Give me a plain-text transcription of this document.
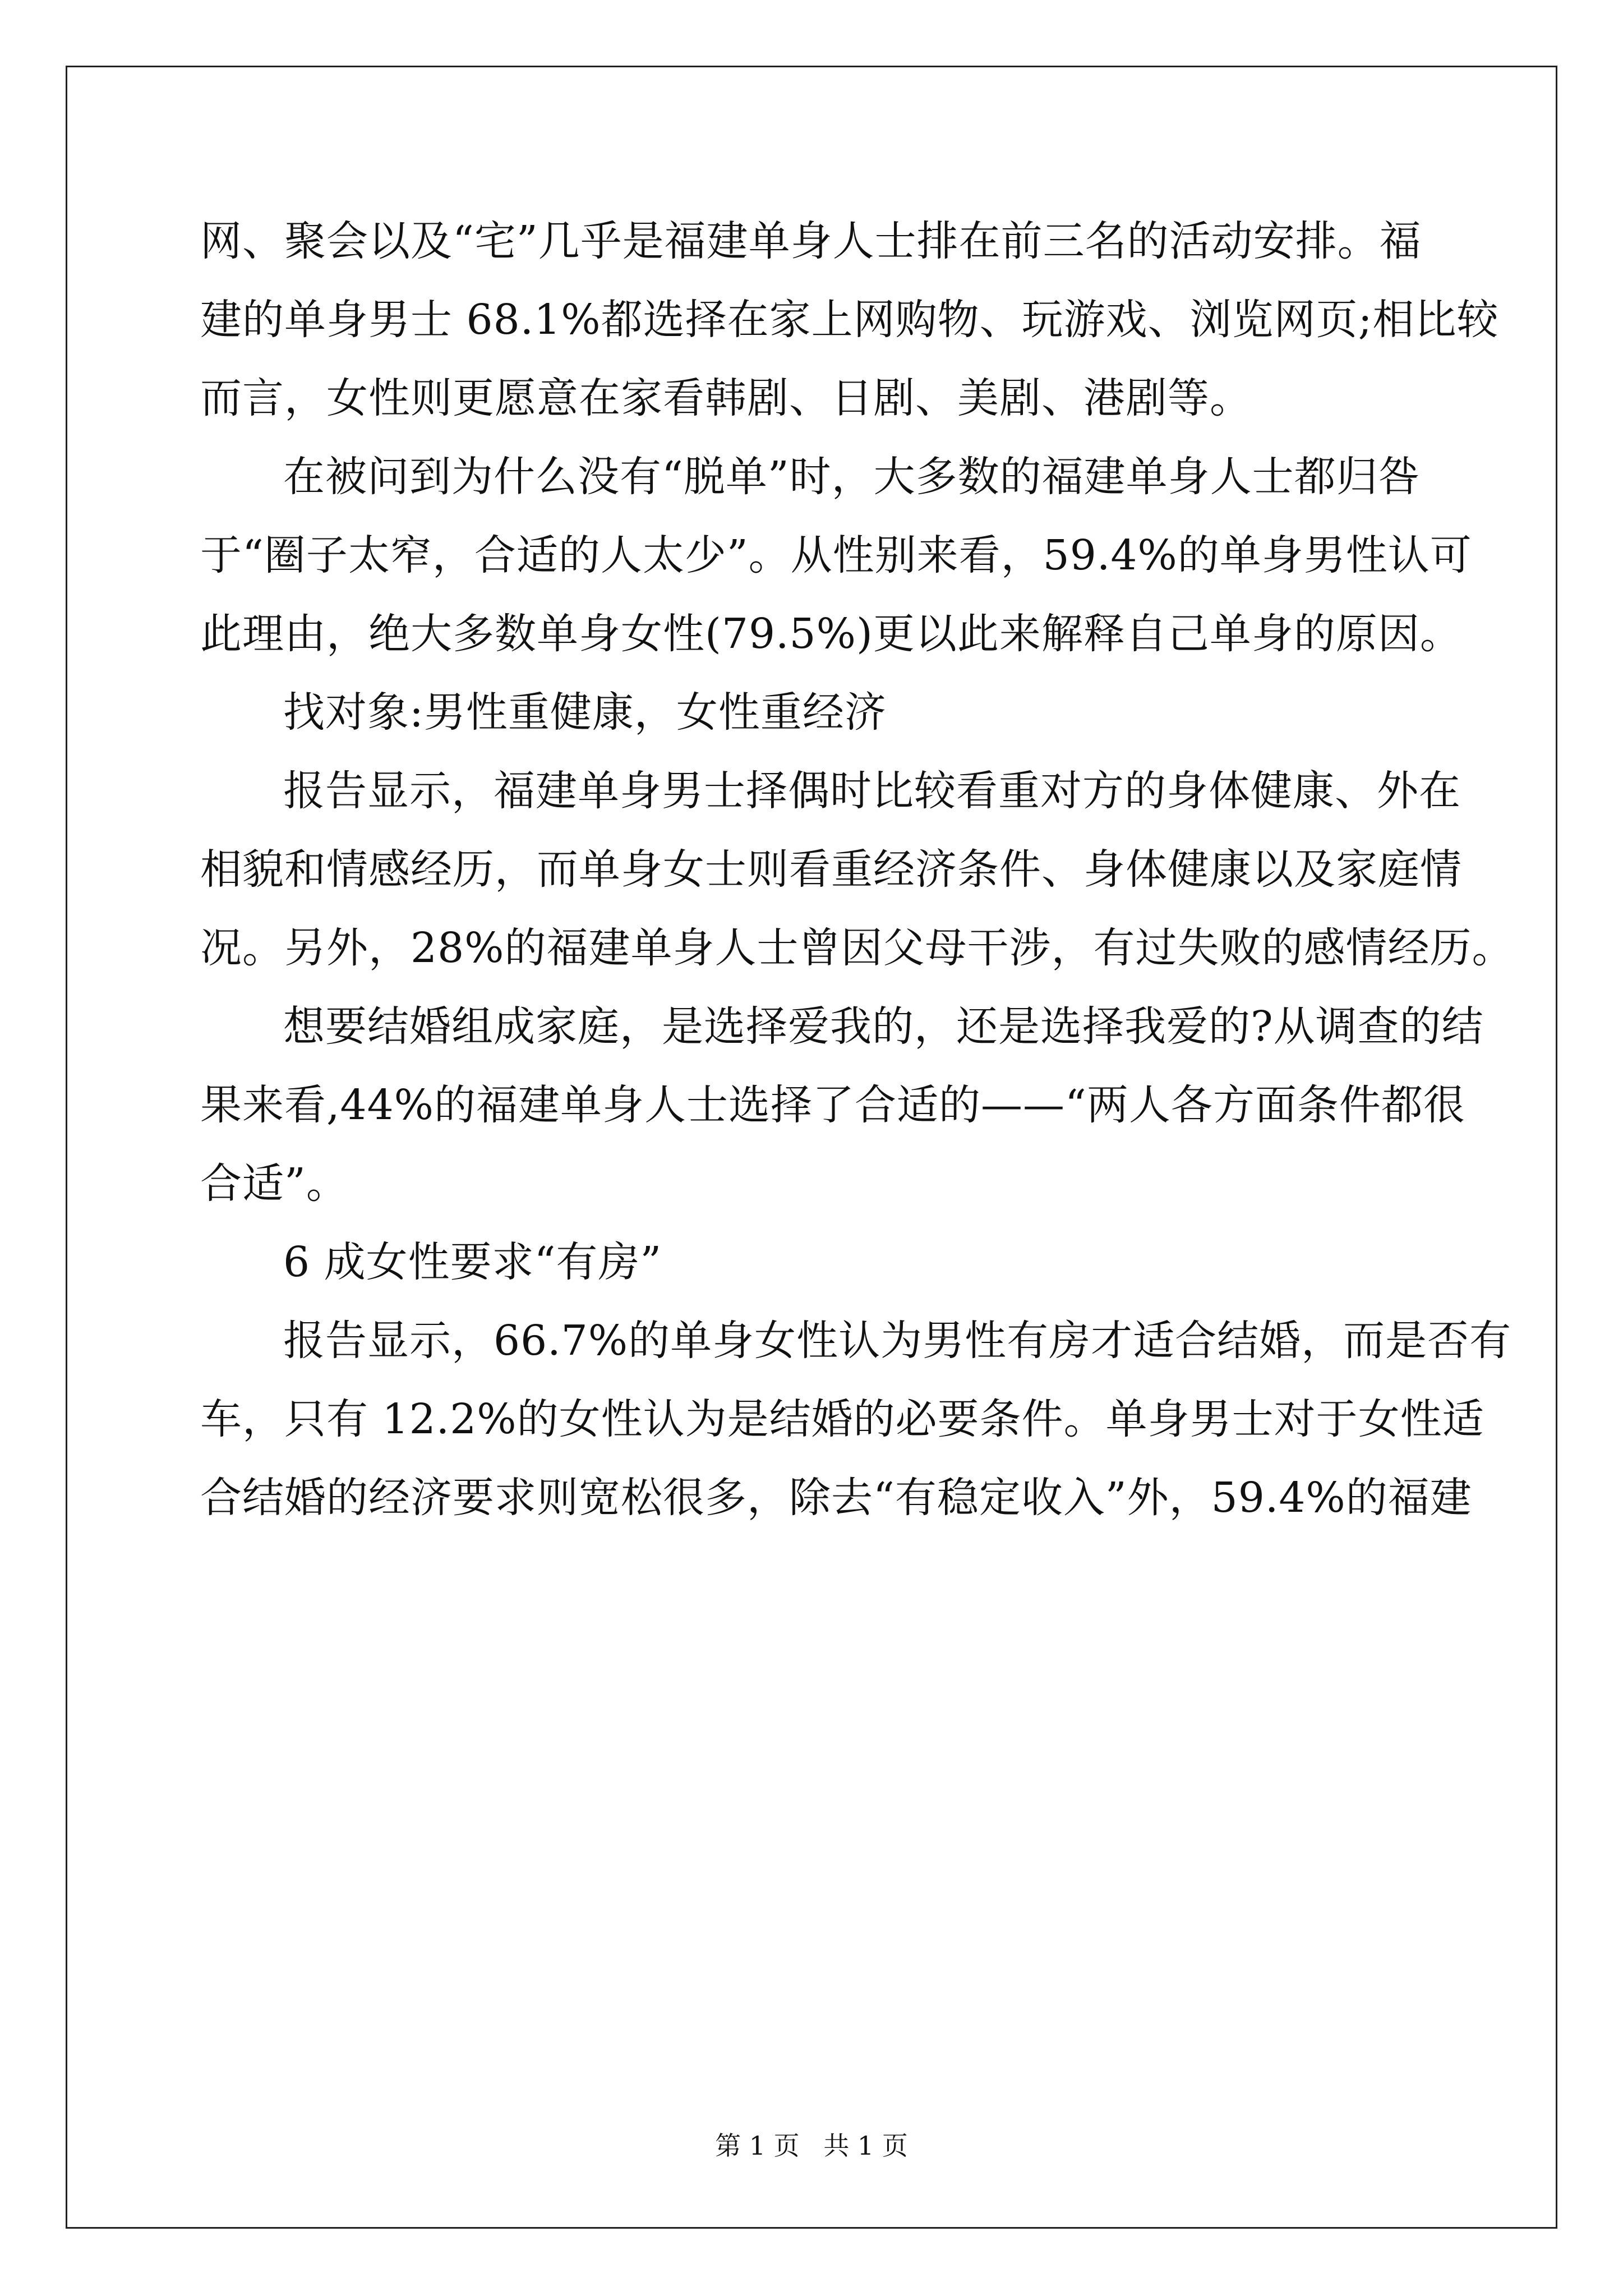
网、聚会以及“宅”几乎是福建单身人士排在前三名的活动安排。福
建的单身男士 68.1%都选择在家上网购物、玩游戏、浏览网页;相比较
而言，女性则更愿意在家看韩剧、日剧、美剧、港剧等。
在被问到为什么没有“脱单”时，大多数的福建单身人士都归咎
于“圈子太窄，合适的人太少”。从性别来看，59.4%的单身男性认可
此理由，绝大多数单身女性(79.5%)更以此来解释自己单身的原因。
找对象:男性重健康，女性重经济
报告显示，福建单身男士择偶时比较看重对方的身体健康、外在
相貌和情感经历，而单身女士则看重经济条件、身体健康以及家庭情
况。另外，28%的福建单身人士曾因父母干涉，有过失败的感情经历。
想要结婚组成家庭，是选择爱我的，还是选择我爱的?从调查的结
果来看,44%的福建单身人士选择了合适的——“两人各方面条件都很
合适”。
6 成女性要求“有房”
报告显示，66.7%的单身女性认为男性有房才适合结婚，而是否有
车，只有 12.2%的女性认为是结婚的必要条件。单身男士对于女性适
合结婚的经济要求则宽松很多，除去“有稳定收入”外，59.4%的福建
第 1 页 共 1 页
